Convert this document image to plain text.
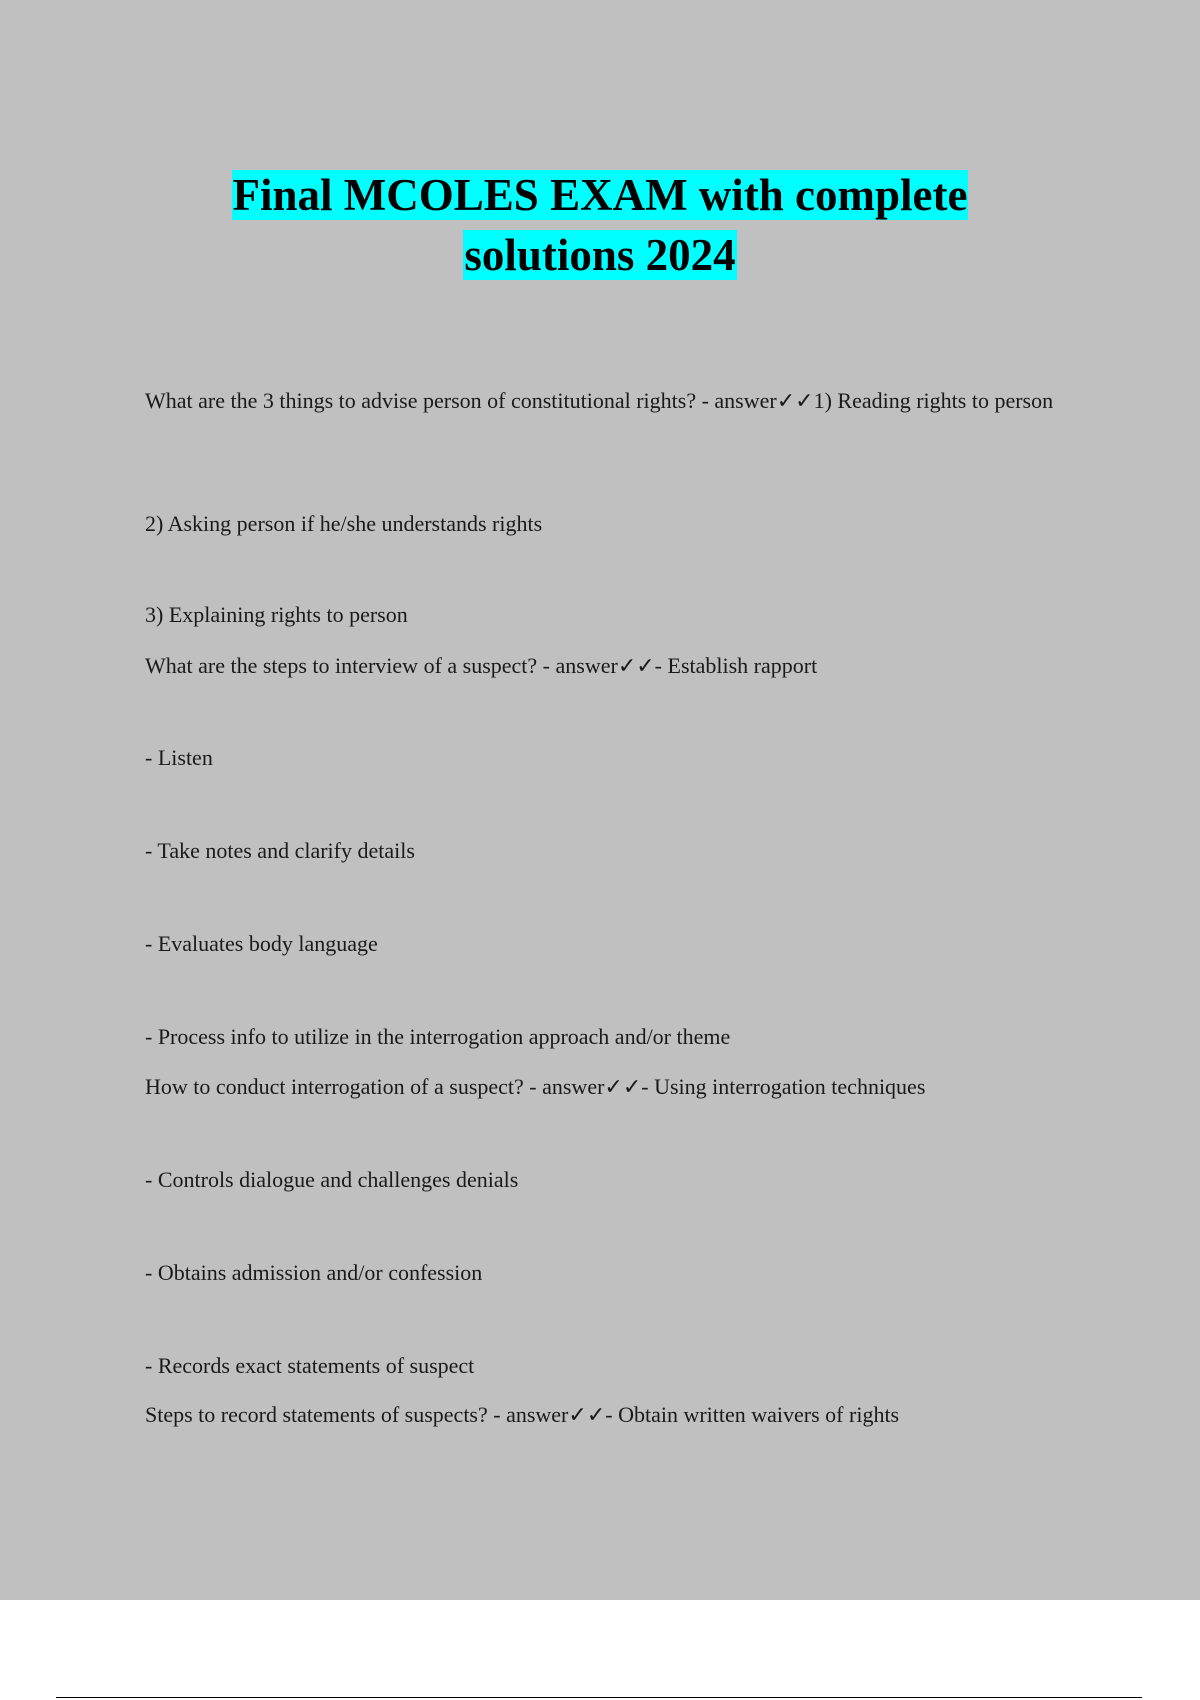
Final MCOLES EXAM with complete
solutions 2024
What are the 3 things to advise person of constitutional rights? - answer✓✓1) Reading rights to person
2) Asking person if he/she understands rights
3) Explaining rights to person
What are the steps to interview of a suspect? - answer✓✓- Establish rapport
- Listen
- Take notes and clarify details
- Evaluates body language
- Process info to utilize in the interrogation approach and/or theme
How to conduct interrogation of a suspect? - answer✓✓- Using interrogation techniques
- Controls dialogue and challenges denials
- Obtains admission and/or confession
- Records exact statements of suspect
Steps to record statements of suspects? - answer✓✓- Obtain written waivers of rights
